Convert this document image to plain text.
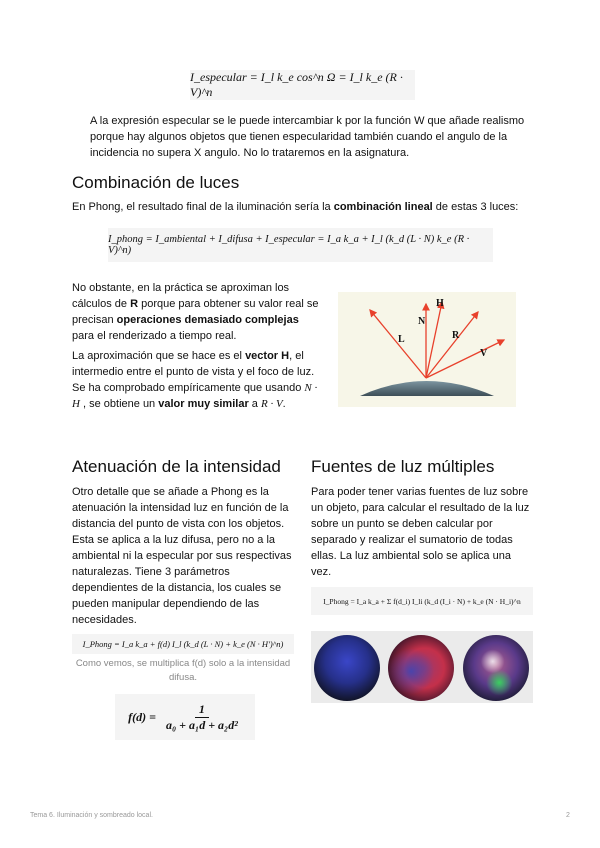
I_especular = I_l k_e cos^n Ω = I_l k_e (R · V)^n
A la expresión especular se le puede intercambiar k por la función W que añade realismo porque hay algunos objetos que tienen especularidad también cuando el angulo de la incidencia no supera X angulo. No lo trataremos en la asignatura.
Combinación de luces
En Phong, el resultado final de la iluminación sería la combinación lineal de estas 3 luces:
I_phong = I_ambiental + I_difusa + I_especular = I_a k_a + I_l (k_d (L · N) k_e (R · V)^n)
No obstante, en la práctica se aproximan los cálculos de R porque para obtener su valor real se precisan operaciones demasiado complejas para el renderizado a tiempo real.
La aproximación que se hace es el vector H, el intermedio entre el punto de vista y el foco de luz. Se ha comprobado empíricamente que usando N · H , se obtiene un valor muy similar a R · V.
L
N
H
R
V
Atenuación de la intensidad
Otro detalle que se añade a Phong es la atenuación la intensidad luz en función de la distancia del punto de vista con los objetos. Esta se aplica a la luz difusa, pero no a la ambiental ni la especular por sus respectivas naturalezas. Tiene 3 parámetros dependientes de la distancia, los cuales se pueden manipular dependiendo de las necesidades.
I_Phong = I_a k_a + f(d) I_l (k_d (L · N) + k_e (N · H')^n)
Como vemos, se multiplica f(d) solo a la intensidad difusa.
$f(d) = \frac{1}{\text{a₀ + a₁d + a₂d²}}$
Fuentes de luz múltiples
Para poder tener varias fuentes de luz sobre un objeto, para calcular el resultado de la luz sobre un punto se deben calcular por separado y realizar el sumatorio de todas ellas. La luz ambiental solo se aplica una vez.
I_Phong = I_a k_a + Σ f(d_i) I_li (k_d (I_i · N) + k_e (N · H_i)^n
Tema 6. Iluminación y sombreado local.	2
